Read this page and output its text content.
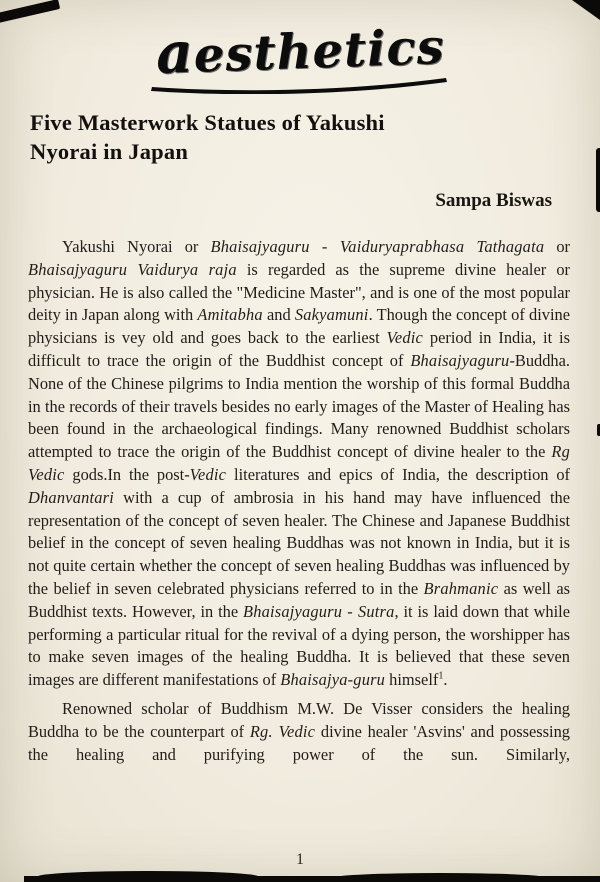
aesthetics
Five Masterwork Statues of Yakushi
Nyorai in Japan
Sampa Biswas

Yakushi Nyorai or Bhaisajyaguru - Vaiduryaprabhasa Tathagata or Bhaisajyaguru Vaidurya raja is regarded as the supreme divine healer or physician. He is also called the "Medicine Master", and is one of the most popular deity in Japan along with Amitabha and Sakyamuni. Though the concept of divine physicians is vey old and goes back to the earliest Vedic period in India, it is difficult to trace the origin of the Buddhist concept of Bhaisajyaguru-Buddha. None of the Chinese pilgrims to India mention the worship of this formal Buddha in the records of their travels besides no early images of the Master of Healing has been found in the archaeological findings. Many renowned Buddhist scholars attempted to trace the origin of the Buddhist concept of divine healer to the Rg Vedic gods.In the post-Vedic literatures and epics of India, the description of Dhanvantari with a cup of ambrosia in his hand may have influenced the representation of the concept of seven healer. The Chinese and Japanese Buddhist belief in the concept of seven healing Buddhas was not known in India, but it is not quite certain whether the concept of seven healing Buddhas was influenced by the belief in seven celebrated physicians referred to in the Brahmanic as well as Buddhist texts. However, in the Bhaisajyaguru - Sutra, it is laid down that while performing a particular ritual for the revival of a dying person, the worshipper has to make seven images of the healing Buddha. It is believed that these seven images are different manifestations of Bhaisajya-guru himself$^1$.

Renowned scholar of Buddhism M.W. De Visser considers the healing Buddha to be the counterpart of Rg. Vedic divine healer 'Asvins' and possessing the healing and purifying power of the sun. Similarly,

1
